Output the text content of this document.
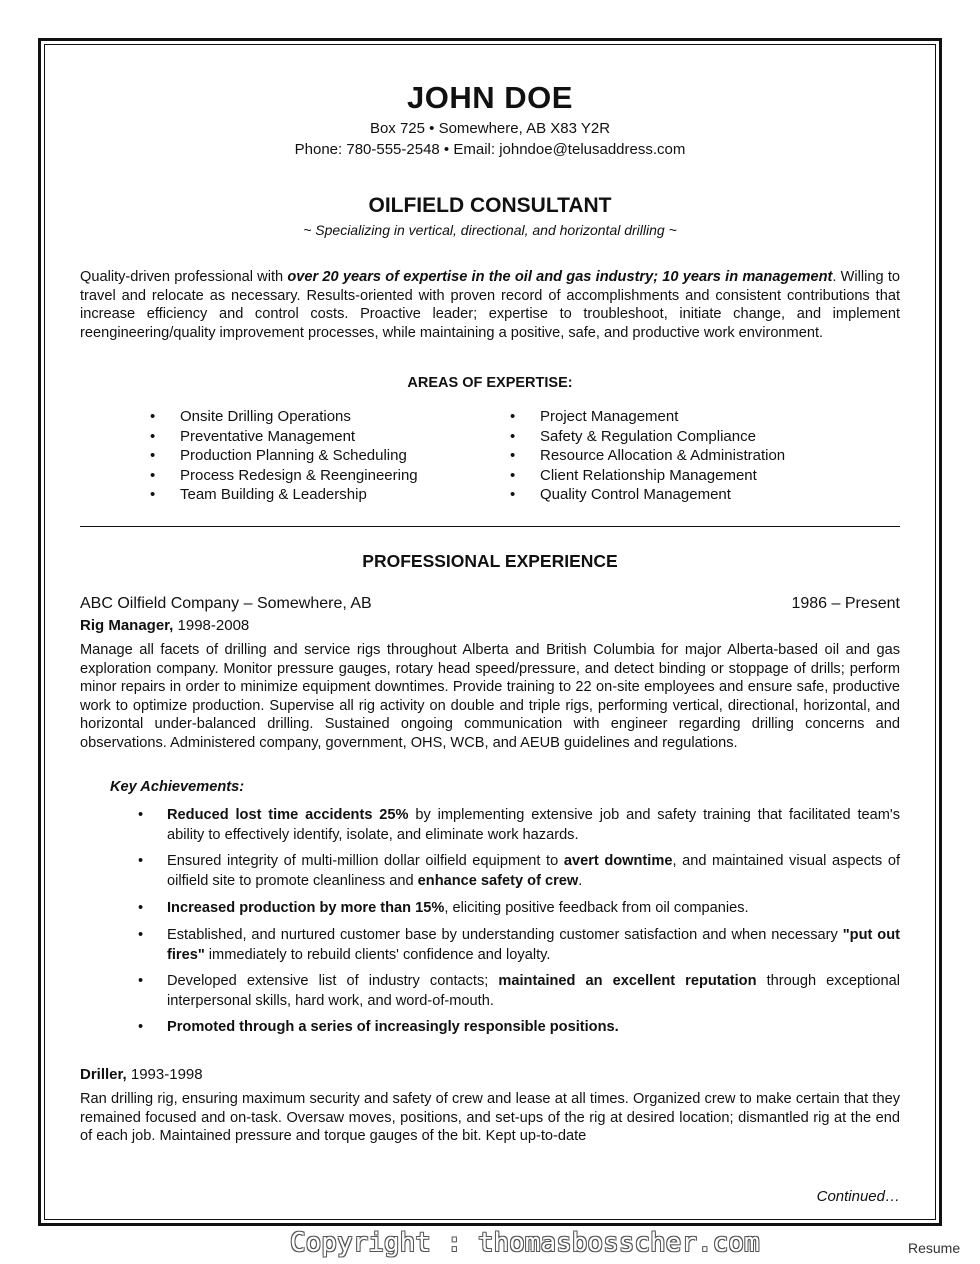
JOHN DOE
Box 725 • Somewhere, AB X83 Y2R
Phone: 780-555-2548 • Email: johndoe@telusaddress.com
OILFIELD CONSULTANT
~ Specializing in vertical, directional, and horizontal drilling ~
Quality-driven professional with over 20 years of expertise in the oil and gas industry; 10 years in management. Willing to travel and relocate as necessary. Results-oriented with proven record of accomplishments and consistent contributions that increase efficiency and control costs. Proactive leader; expertise to troubleshoot, initiate change, and implement reengineering/quality improvement processes, while maintaining a positive, safe, and productive work environment.
AREAS OF EXPERTISE:
• Onsite Drilling Operations
• Preventative Management
• Production Planning & Scheduling
• Process Redesign & Reengineering
• Team Building & Leadership
• Project Management
• Safety & Regulation Compliance
• Resource Allocation & Administration
• Client Relationship Management
• Quality Control Management
PROFESSIONAL EXPERIENCE
ABC Oilfield Company – Somewhere, AB	1986 – Present
Rig Manager, 1998-2008
Manage all facets of drilling and service rigs throughout Alberta and British Columbia for major Alberta-based oil and gas exploration company. Monitor pressure gauges, rotary head speed/pressure, and detect binding or stoppage of drills; perform minor repairs in order to minimize equipment downtimes. Provide training to 22 on-site employees and ensure safe, productive work to optimize production. Supervise all rig activity on double and triple rigs, performing vertical, directional, horizontal, and horizontal under-balanced drilling. Sustained ongoing communication with engineer regarding drilling concerns and observations. Administered company, government, OHS, WCB, and AEUB guidelines and regulations.
Key Achievements:
• Reduced lost time accidents 25% by implementing extensive job and safety training that facilitated team's ability to effectively identify, isolate, and eliminate work hazards.
• Ensured integrity of multi-million dollar oilfield equipment to avert downtime, and maintained visual aspects of oilfield site to promote cleanliness and enhance safety of crew.
• Increased production by more than 15%, eliciting positive feedback from oil companies.
• Established, and nurtured customer base by understanding customer satisfaction and when necessary "put out fires" immediately to rebuild clients' confidence and loyalty.
• Developed extensive list of industry contacts; maintained an excellent reputation through exceptional interpersonal skills, hard work, and word-of-mouth.
• Promoted through a series of increasingly responsible positions.
Driller, 1993-1998
Ran drilling rig, ensuring maximum security and safety of crew and lease at all times. Organized crew to make certain that they remained focused and on-task. Oversaw moves, positions, and set-ups of the rig at desired location; dismantled rig at the end of each job. Maintained pressure and torque gauges of the bit. Kept up-to-date
Continued…
Copyright : thomasbosscher.com	Resume
